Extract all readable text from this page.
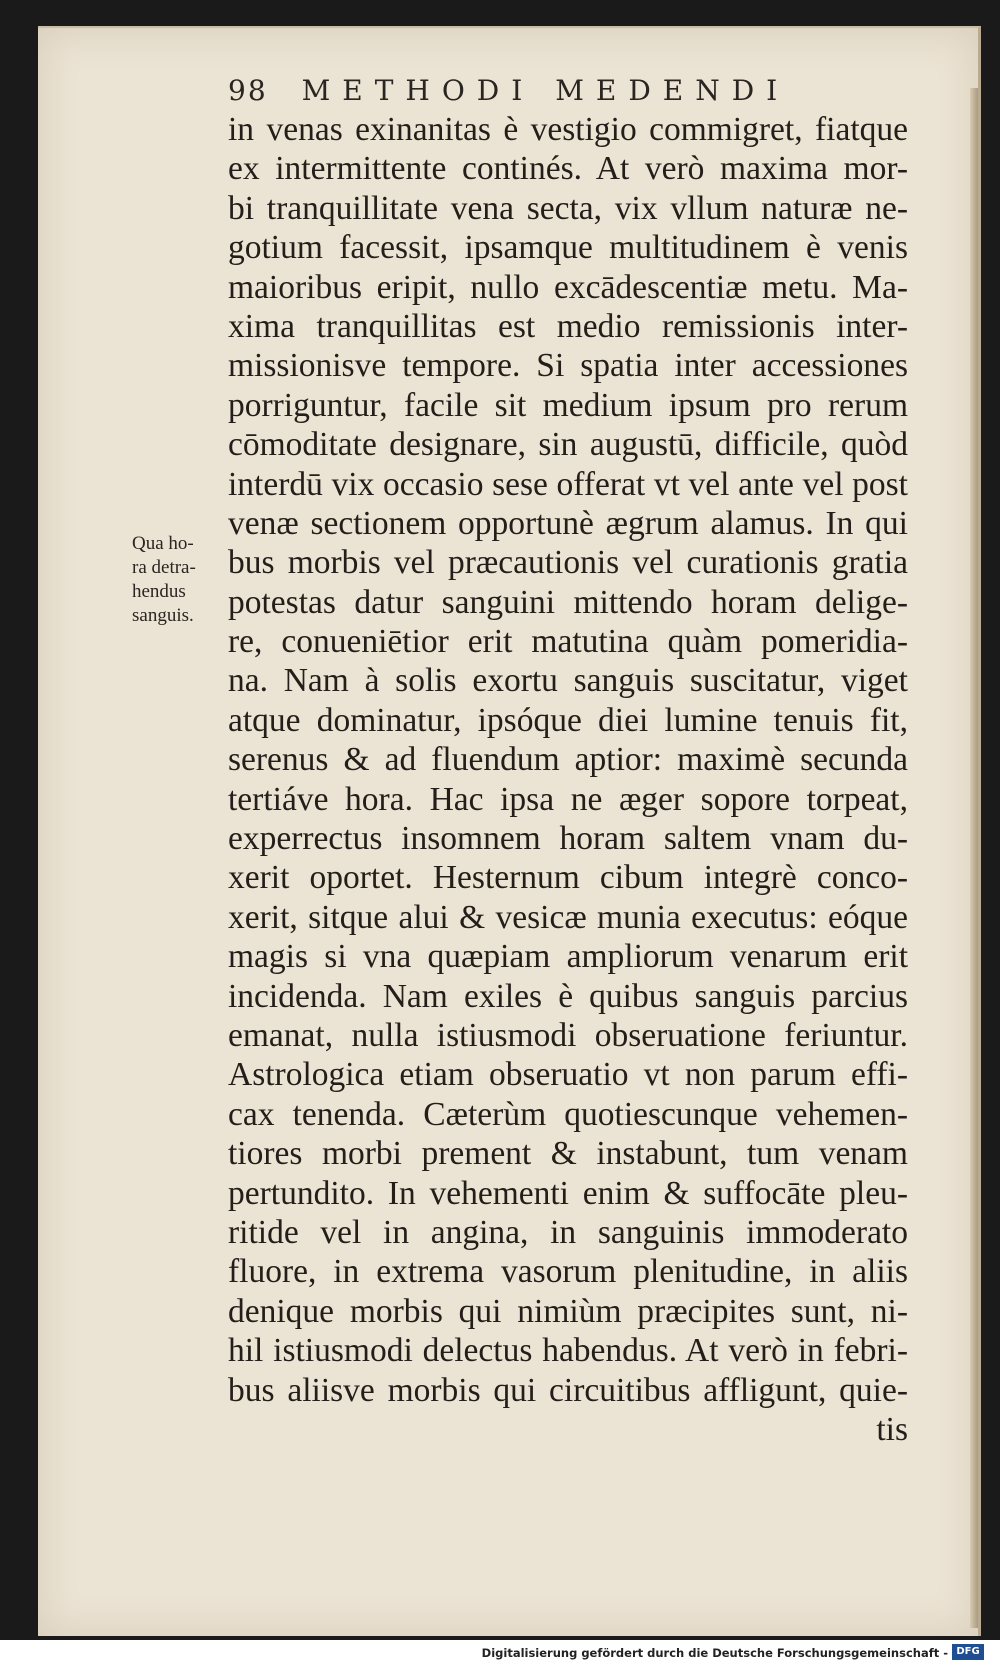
98 METHODI MEDENDI
Qua ho-
ra detra-
hendus
sanguis.
in venas exinanitas è vestigio commigret, fiatque
ex intermittente continés. At verò maxima mor-
bi tranquillitate vena secta, vix vllum naturæ ne-
gotium facessit, ipsamque multitudinem è venis
maioribus eripit, nullo excādescentiæ metu. Ma-
xima tranquillitas est medio remissionis inter-
missionisve tempore. Si spatia inter accessiones
porriguntur, facile sit medium ipsum pro rerum
cōmoditate designare, sin augustū, difficile, quòd
interdū vix occasio sese offerat vt vel ante vel post
venæ sectionem opportunè ægrum alamus. In qui
bus morbis vel præcautionis vel curationis gratia
potestas datur sanguini mittendo horam delige-
re, conueniētior erit matutina quàm pomeridia-
na. Nam à solis exortu sanguis suscitatur, viget
atque dominatur, ipsóque diei lumine tenuis fit,
serenus & ad fluendum aptior: maximè secunda
tertiáve hora. Hac ipsa ne æger sopore torpeat,
experrectus insomnem horam saltem vnam du-
xerit oportet. Hesternum cibum integrè conco-
xerit, sitque alui & vesicæ munia executus: eóque
magis si vna quæpiam ampliorum venarum erit
incidenda. Nam exiles è quibus sanguis parcius
emanat, nulla istiusmodi obseruatione feriuntur.
Astrologica etiam obseruatio vt non parum effi-
cax tenenda. Cæterùm quotiescunque vehemen-
tiores morbi prement & instabunt, tum venam
pertundito. In vehementi enim & suffocāte pleu-
ritide vel in angina, in sanguinis immoderato
fluore, in extrema vasorum plenitudine, in aliis
denique morbis qui nimiùm præcipites sunt, ni-
hil istiusmodi delectus habendus. At verò in febri-
bus aliisve morbis qui circuitibus affligunt, quie-
tis
Digitalisierung gefördert durch die Deutsche Forschungsgemeinschaft - DFG
